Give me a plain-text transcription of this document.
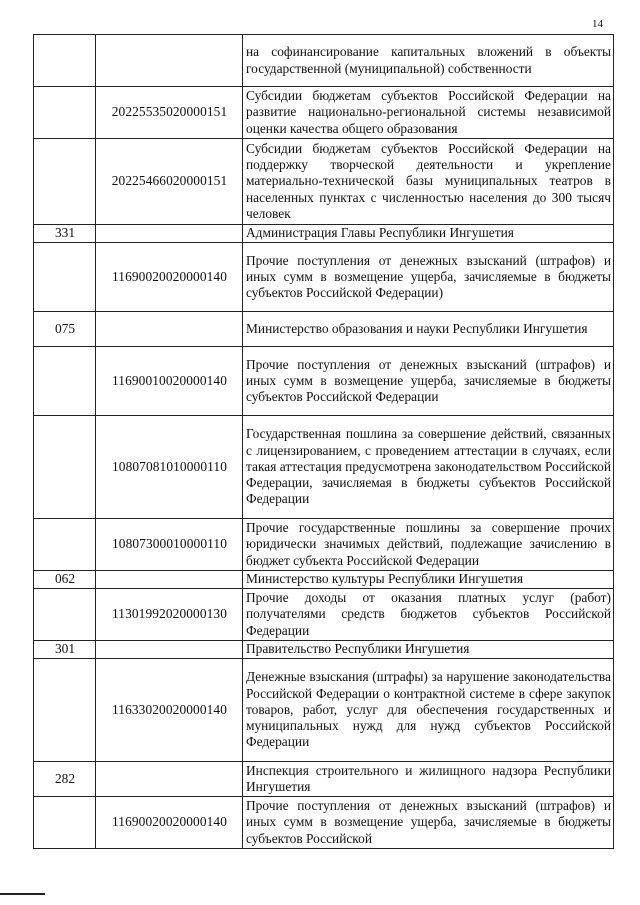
14
		на софинансирование капитальных вложений в объекты государственной (муниципальной) собственности
	20225535020000151	Субсидии бюджетам субъектов Российской Федерации на развитие национально-региональной системы независимой оценки качества общего образования
	20225466020000151	Субсидии бюджетам субъектов Российской Федерации на поддержку творческой деятельности и укрепление материально-технической базы муниципальных театров в населенных пунктах с численностью населения до 300 тысяч человек
331		Администрация Главы Республики Ингушетия
	11690020020000140	Прочие поступления от денежных взысканий (штрафов) и иных сумм в возмещение ущерба, зачисляемые в бюджеты субъектов Российской Федерации)
075		Министерство образования и науки Республики Ингушетия
	11690010020000140	Прочие поступления от денежных взысканий (штрафов) и иных сумм в возмещение ущерба, зачисляемые в бюджеты субъектов Российской Федерации
	10807081010000110	Государственная пошлина за совершение действий, связанных с лицензированием, с проведением аттестации в случаях, если такая аттестация предусмотрена законодательством Российской Федерации, зачисляемая в бюджеты субъектов Российской Федерации
	10807300010000110	Прочие государственные пошлины за совершение прочих юридически значимых действий, подлежащие зачислению в бюджет субъекта Российской Федерации
062		Министерство культуры Республики Ингушетия
	11301992020000130	Прочие доходы от оказания платных услуг (работ) получателями средств бюджетов субъектов Российской Федерации
301		Правительство Республики Ингушетия
	11633020020000140	Денежные взыскания (штрафы) за нарушение законодательства Российской Федерации о контрактной системе в сфере закупок товаров, работ, услуг для обеспечения государственных и муниципальных нужд для нужд субъектов Российской Федерации
282		Инспекция строительного и жилищного надзора Республики Ингушетия
	11690020020000140	Прочие поступления от денежных взысканий (штрафов) и иных сумм в возмещение ущерба, зачисляемые в бюджеты субъектов Российской
